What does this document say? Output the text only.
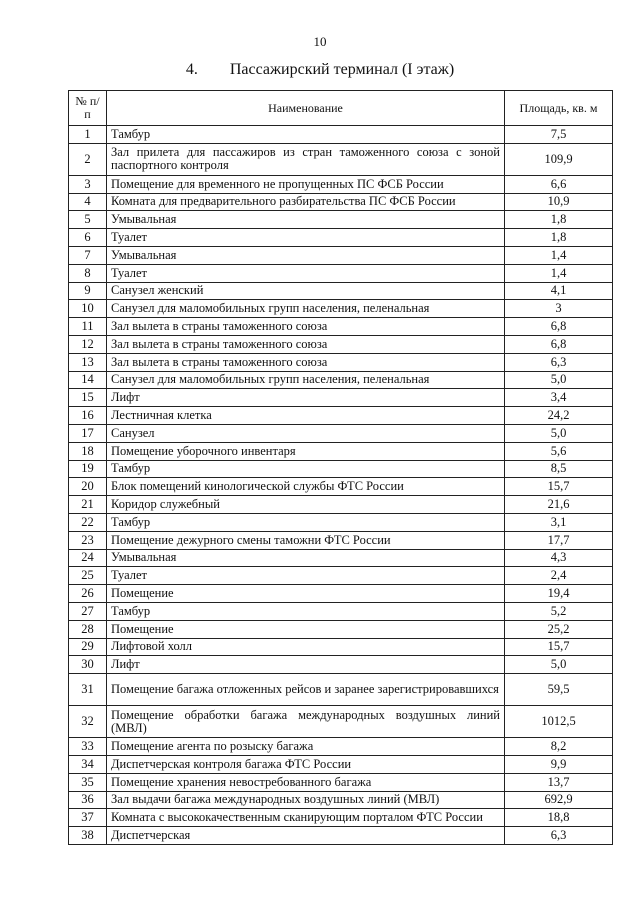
10
4. Пассажирский терминал (I этаж)
№ п/п	Наименование	Площадь, кв. м
1	Тамбур	7,5
2	Зал прилета для пассажиров из стран таможенного союза с зоной паспортного контроля	109,9
3	Помещение для временного не пропущенных ПС ФСБ России	6,6
4	Комната для предварительного разбирательства ПС ФСБ России	10,9
5	Умывальная	1,8
6	Туалет	1,8
7	Умывальная	1,4
8	Туалет	1,4
9	Санузел женский	4,1
10	Санузел для маломобильных групп населения, пеленальная	3
11	Зал вылета в страны таможенного союза	6,8
12	Зал вылета в страны таможенного союза	6,8
13	Зал вылета в страны таможенного союза	6,3
14	Санузел для маломобильных групп населения, пеленальная	5,0
15	Лифт	3,4
16	Лестничная клетка	24,2
17	Санузел	5,0
18	Помещение уборочного инвентаря	5,6
19	Тамбур	8,5
20	Блок помещений кинологической службы ФТС России	15,7
21	Коридор служебный	21,6
22	Тамбур	3,1
23	Помещение дежурного смены таможни ФТС России	17,7
24	Умывальная	4,3
25	Туалет	2,4
26	Помещение	19,4
27	Тамбур	5,2
28	Помещение	25,2
29	Лифтовой холл	15,7
30	Лифт	5,0
31	Помещение багажа отложенных рейсов и заранее зарегистрировавшихся	59,5
32	Помещение обработки багажа международных воздушных линий (МВЛ)	1012,5
33	Помещение агента по розыску багажа	8,2
34	Диспетчерская контроля багажа ФТС России	9,9
35	Помещение хранения невостребованного багажа	13,7
36	Зал выдачи багажа международных воздушных линий (МВЛ)	692,9
37	Комната с высококачественным сканирующим порталом ФТС России	18,8
38	Диспетчерская	6,3
